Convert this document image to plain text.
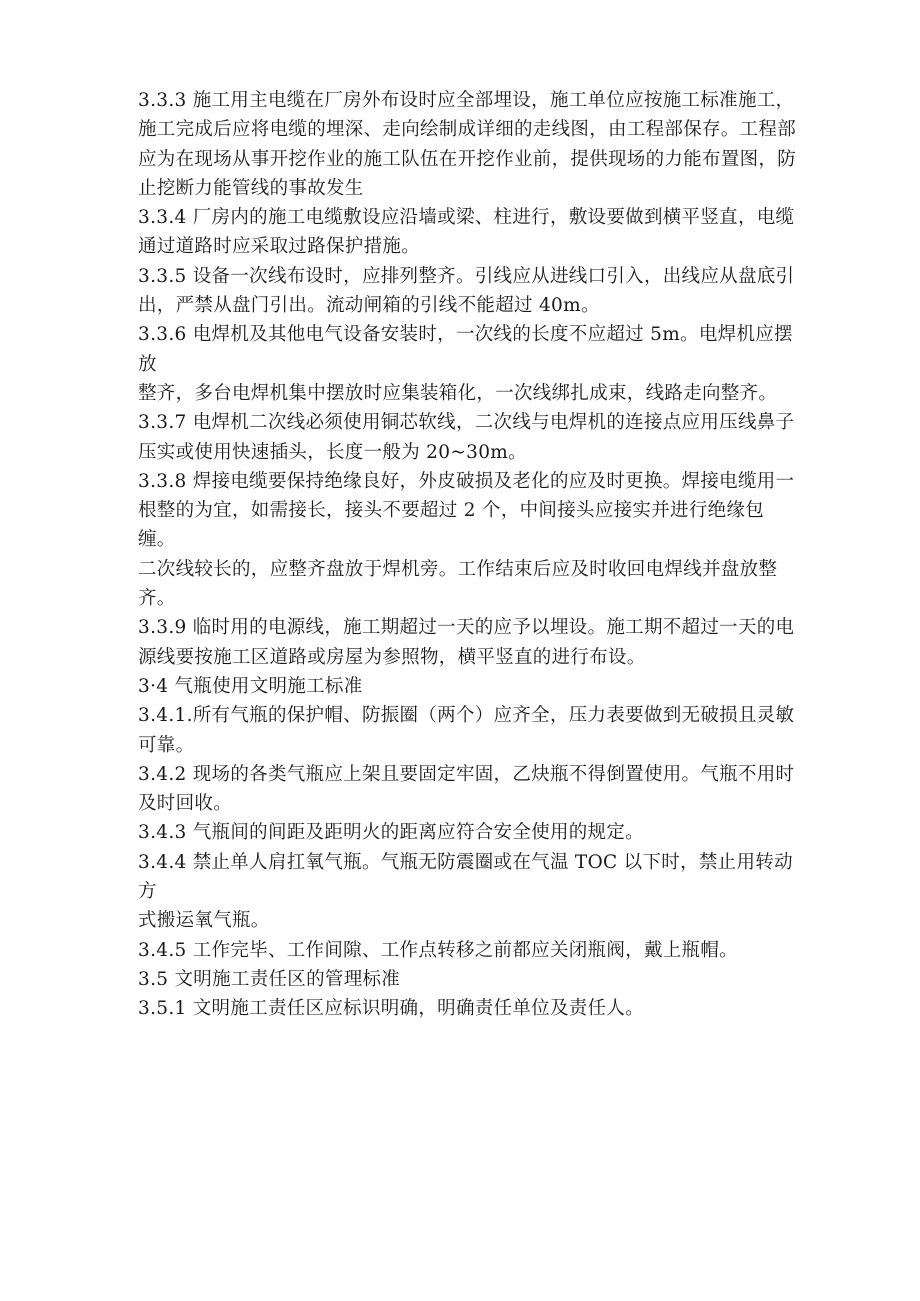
3.3.3 施工用主电缆在厂房外布设时应全部埋设，施工单位应按施工标准施工，
施工完成后应将电缆的埋深、走向绘制成详细的走线图，由工程部保存。工程部
应为在现场从事开挖作业的施工队伍在开挖作业前，提供现场的力能布置图，防
止挖断力能管线的事故发生

3.3.4 厂房内的施工电缆敷设应沿墙或梁、柱进行，敷设要做到横平竖直，电缆
通过道路时应采取过路保护措施。

3.3.5 设备一次线布设时，应排列整齐。引线应从进线口引入，出线应从盘底引
出，严禁从盘门引出。流动闸箱的引线不能超过 40m。

3.3.6 电焊机及其他电气设备安装时，一次线的长度不应超过 5m。电焊机应摆放
整齐，多台电焊机集中摆放时应集装箱化，一次线绑扎成束，线路走向整齐。

3.3.7 电焊机二次线必须使用铜芯软线，二次线与电焊机的连接点应用压线鼻子
压实或使用快速插头，长度一般为 20~30m。

3.3.8 焊接电缆要保持绝缘良好，外皮破损及老化的应及时更换。焊接电缆用一
根整的为宜，如需接长，接头不要超过 2 个，中间接头应接实并进行绝缘包缠。
二次线较长的，应整齐盘放于焊机旁。工作结束后应及时收回电焊线并盘放整
齐。

3.3.9 临时用的电源线，施工期超过一天的应予以埋设。施工期不超过一天的电
源线要按施工区道路或房屋为参照物，横平竖直的进行布设。

3·4 气瓶使用文明施工标准

3.4.1.所有气瓶的保护帽、防振圈（两个）应齐全，压力表要做到无破损且灵敏
可靠。

3.4.2 现场的各类气瓶应上架且要固定牢固，乙炔瓶不得倒置使用。气瓶不用时
及时回收。

3.4.3 气瓶间的间距及距明火的距离应符合安全使用的规定。

3.4.4 禁止单人肩扛氧气瓶。气瓶无防震圈或在气温 TOC 以下时，禁止用转动方
式搬运氧气瓶。

3.4.5 工作完毕、工作间隙、工作点转移之前都应关闭瓶阀，戴上瓶帽。

3.5 文明施工责任区的管理标准

3.5.1 文明施工责任区应标识明确，明确责任单位及责任人。
